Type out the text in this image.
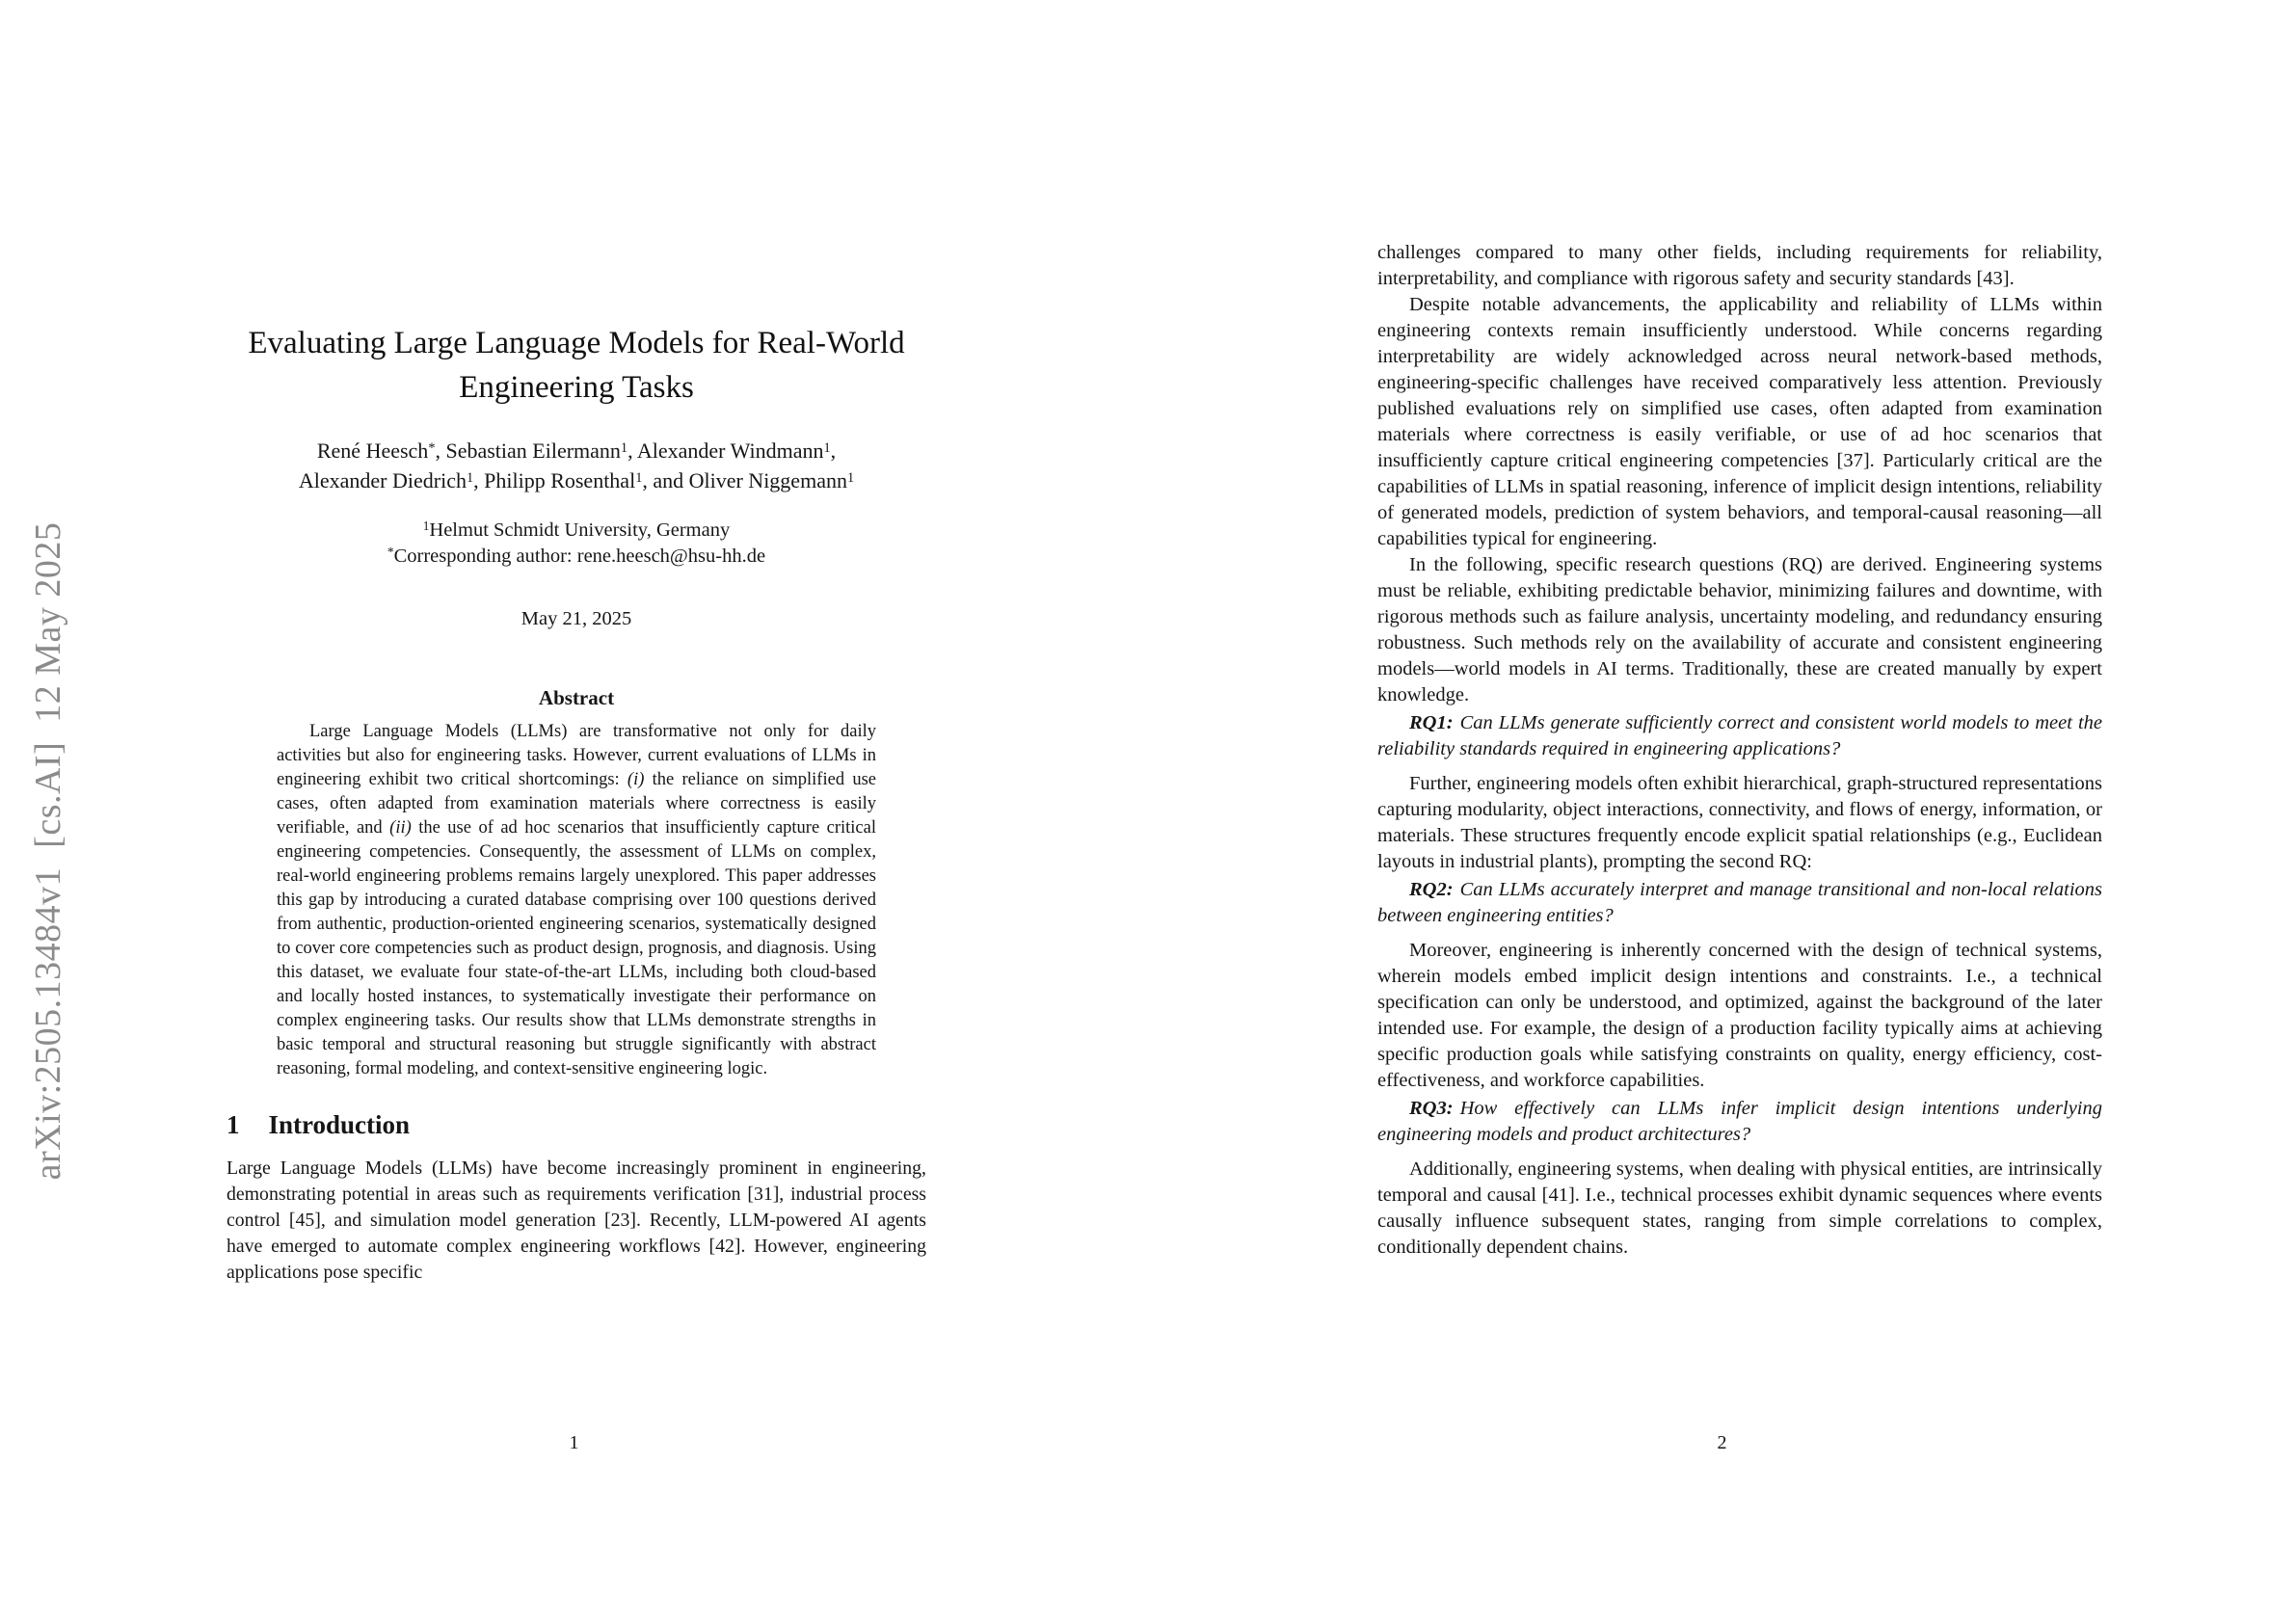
arXiv:2505.13484v1  [cs.AI]  12 May 2025
Evaluating Large Language Models for Real-World Engineering Tasks
René Heesch*, Sebastian Eilermann$^1$, Alexander Windmann$^1$,
Alexander Diedrich$^1$, Philipp Rosenthal$^1$, and Oliver Niggemann$^1$
$^1$Helmut Schmidt University, Germany
*Corresponding author: rene.heesch@hsu-hh.de
May 21, 2025
Abstract
Large Language Models (LLMs) are transformative not only for daily activities but also for engineering tasks. However, current evaluations of LLMs in engineering exhibit two critical shortcomings: (i) the reliance on simplified use cases, often adapted from examination materials where correctness is easily verifiable, and (ii) the use of ad hoc scenarios that insufficiently capture critical engineering competencies. Consequently, the assessment of LLMs on complex, real-world engineering problems remains largely unexplored. This paper addresses this gap by introducing a curated database comprising over 100 questions derived from authentic, production-oriented engineering scenarios, systematically designed to cover core competencies such as product design, prognosis, and diagnosis. Using this dataset, we evaluate four state-of-the-art LLMs, including both cloud-based and locally hosted instances, to systematically investigate their performance on complex engineering tasks. Our results show that LLMs demonstrate strengths in basic temporal and structural reasoning but struggle significantly with abstract reasoning, formal modeling, and context-sensitive engineering logic.
1 Introduction
Large Language Models (LLMs) have become increasingly prominent in engineering, demonstrating potential in areas such as requirements verification [31], industrial process control [45], and simulation model generation [23]. Recently, LLM-powered AI agents have emerged to automate complex engineering workflows [42]. However, engineering applications pose specific
1

challenges compared to many other fields, including requirements for reliability, interpretability, and compliance with rigorous safety and security standards [43].

Despite notable advancements, the applicability and reliability of LLMs within engineering contexts remain insufficiently understood. While concerns regarding interpretability are widely acknowledged across neural network-based methods, engineering-specific challenges have received comparatively less attention. Previously published evaluations rely on simplified use cases, often adapted from examination materials where correctness is easily verifiable, or use of ad hoc scenarios that insufficiently capture critical engineering competencies [37]. Particularly critical are the capabilities of LLMs in spatial reasoning, inference of implicit design intentions, reliability of generated models, prediction of system behaviors, and temporal-causal reasoning—all capabilities typical for engineering.

In the following, specific research questions (RQ) are derived. Engineering systems must be reliable, exhibiting predictable behavior, minimizing failures and downtime, with rigorous methods such as failure analysis, uncertainty modeling, and redundancy ensuring robustness. Such methods rely on the availability of accurate and consistent engineering models—world models in AI terms. Traditionally, these are created manually by expert knowledge.

RQ1: Can LLMs generate sufficiently correct and consistent world models to meet the reliability standards required in engineering applications?

Further, engineering models often exhibit hierarchical, graph-structured representations capturing modularity, object interactions, connectivity, and flows of energy, information, or materials. These structures frequently encode explicit spatial relationships (e.g., Euclidean layouts in industrial plants), prompting the second RQ:

RQ2: Can LLMs accurately interpret and manage transitional and non-local relations between engineering entities?

Moreover, engineering is inherently concerned with the design of technical systems, wherein models embed implicit design intentions and constraints. I.e., a technical specification can only be understood, and optimized, against the background of the later intended use. For example, the design of a production facility typically aims at achieving specific production goals while satisfying constraints on quality, energy efficiency, cost-effectiveness, and workforce capabilities.

RQ3: How effectively can LLMs infer implicit design intentions underlying engineering models and product architectures?

Additionally, engineering systems, when dealing with physical entities, are intrinsically temporal and causal [41]. I.e., technical processes exhibit dynamic sequences where events causally influence subsequent states, ranging from simple correlations to complex, conditionally dependent chains.

2
